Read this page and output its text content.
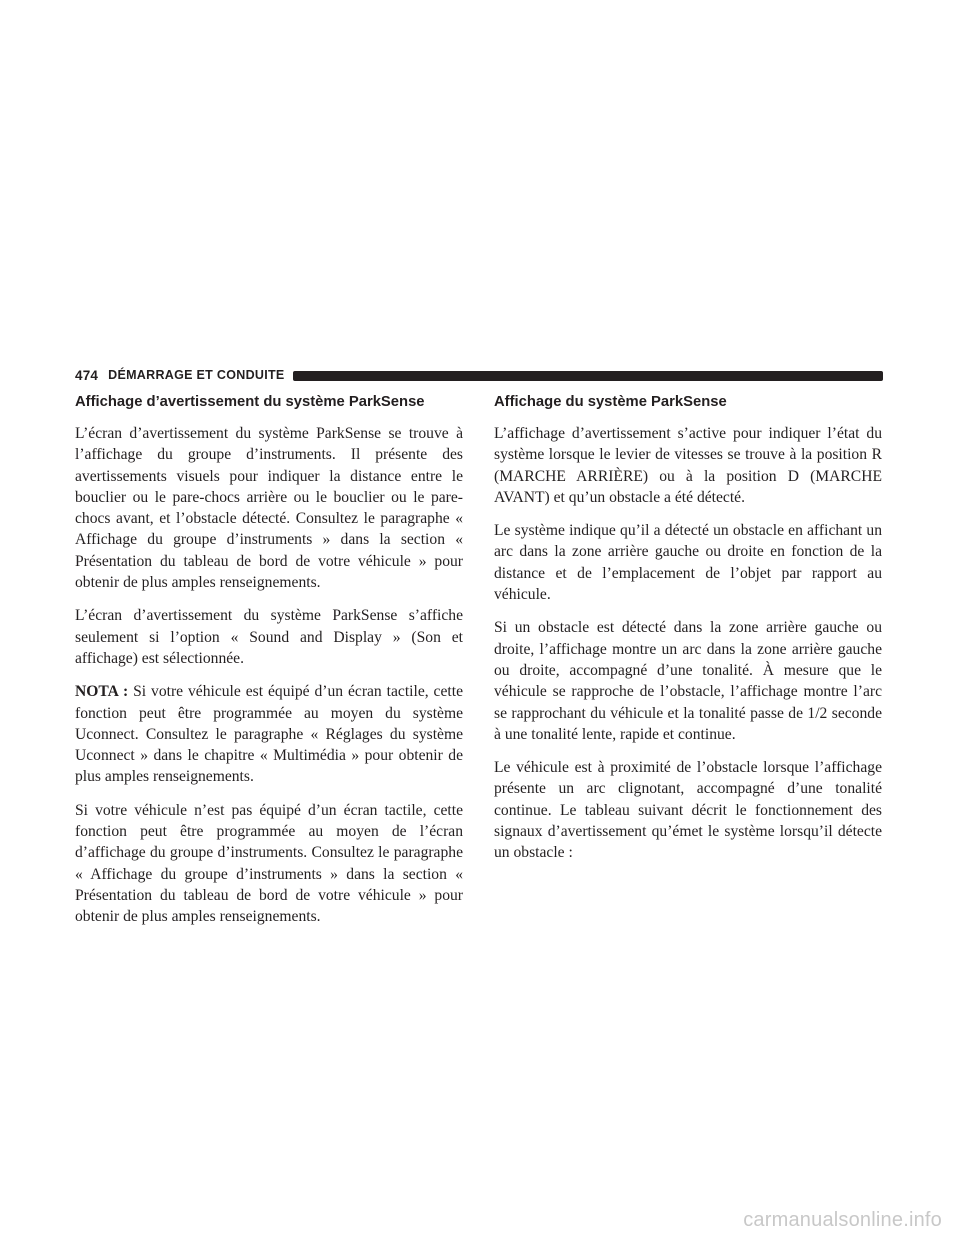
474 DÉMARRAGE ET CONDUITE
Affichage d’avertissement du système ParkSense

L’écran d’avertissement du système ParkSense se trouve à l’affichage du groupe d’instruments. Il présente des avertissements visuels pour indiquer la distance entre le bouclier ou le pare-chocs arrière ou le bouclier ou le pare-chocs avant, et l’obstacle détecté. Consultez le paragraphe « Affichage du groupe d’instruments » dans la section « Présentation du tableau de bord de votre véhicule » pour obtenir de plus amples renseignements.

L’écran d’avertissement du système ParkSense s’affiche seulement si l’option « Sound and Display » (Son et affichage) est sélectionnée.

NOTA : Si votre véhicule est équipé d’un écran tactile, cette fonction peut être programmée au moyen du système Uconnect. Consultez le paragraphe « Réglages du système Uconnect » dans le chapitre « Multimédia » pour obtenir de plus amples renseignements.

Si votre véhicule n’est pas équipé d’un écran tactile, cette fonction peut être programmée au moyen de l’écran d’affichage du groupe d’instruments. Consultez le paragraphe « Affichage du groupe d’instruments » dans la section « Présentation du tableau de bord de votre véhicule » pour obtenir de plus amples renseignements.

Affichage du système ParkSense

L’affichage d’avertissement s’active pour indiquer l’état du système lorsque le levier de vitesses se trouve à la position R (MARCHE ARRIÈRE) ou à la position D (MARCHE AVANT) et qu’un obstacle a été détecté.

Le système indique qu’il a détecté un obstacle en affichant un arc dans la zone arrière gauche ou droite en fonction de la distance et de l’emplacement de l’objet par rapport au véhicule.

Si un obstacle est détecté dans la zone arrière gauche ou droite, l’affichage montre un arc dans la zone arrière gauche ou droite, accompagné d’une tonalité. À mesure que le véhicule se rapproche de l’obstacle, l’affichage montre l’arc se rapprochant du véhicule et la tonalité passe de 1/2 seconde à une tonalité lente, rapide et continue.

Le véhicule est à proximité de l’obstacle lorsque l’affichage présente un arc clignotant, accompagné d’une tonalité continue. Le tableau suivant décrit le fonctionnement des signaux d’avertissement qu’émet le système lorsqu’il détecte un obstacle :

carmanualsonline.info
